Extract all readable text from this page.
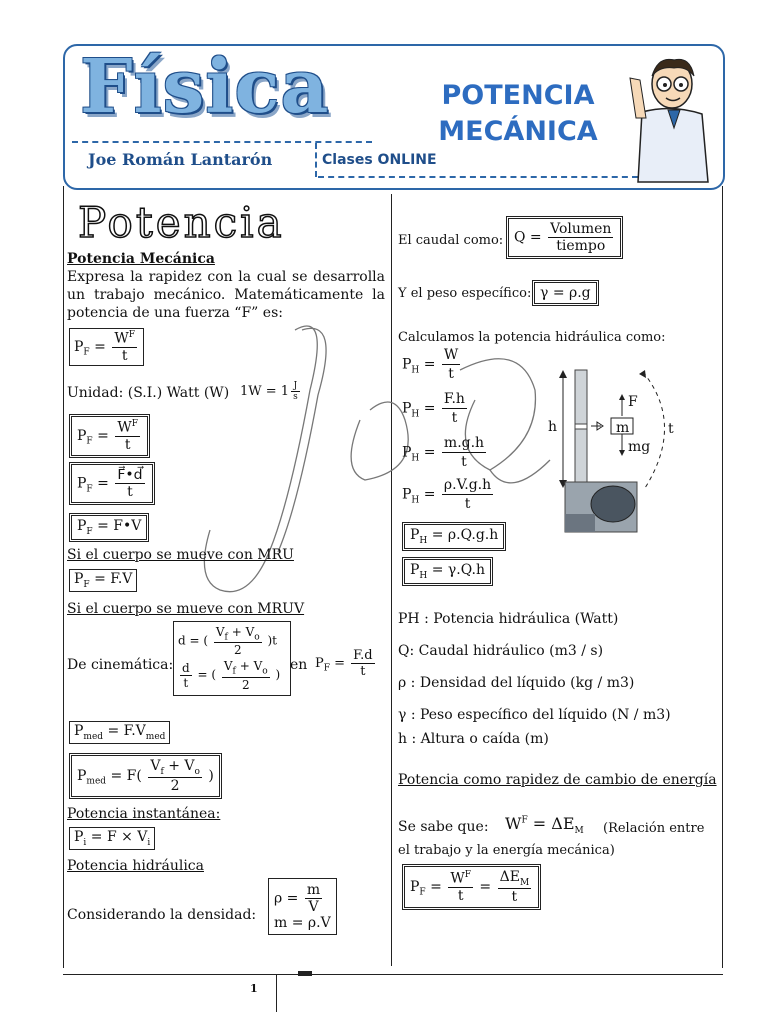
Física
Joe Román Lantarón	Clases ONLINE
POTENCIA
MECÁNICA
Potencia
Potencia Mecánica
Expresa la rapidez con la cual se desarrolla un trabajo mecánico. Matemáticamente la potencia de una fuerza “F” es:
$P_F = \frac{W^F}{t}$
Unidad: (S.I.) Watt (W) $1W = 1 \frac{J}{s}$
$P_F = \frac{W^F}{t}$
$P_F = \frac{F⃗•d⃗}{t}$
$P_F$ = F•V
Si el cuerpo se mueve con MRU
$P_F = F.V$
Si el cuerpo se mueve con MRUV
De cinemática:
d = ( $\frac{V_f + V_o}{2} )t$
$\frac{d}{t}$ = ( $\frac{V_f + V_o}{2}$ )
en $P_F = \frac{F.d}{t}$
$P_{med} = F.V_{med}$
$P_{med} = F( \frac{V_f + V_o}{2}$ )
Potencia instantánea:
$P_i = F \times V_i$
Potencia hidráulica
Considerando la densidad:
$\rho = \frac{m}{V}$
m = ρ.V
El caudal como: $Q = \frac{\text{Volumen}}{\text{tiempo}}$
Y el peso específico: γ = ρ.g
Calculamos la potencia hidráulica como:
$P_H = \frac{W}{t}$
$P_H = \frac{F.h}{t}$
$P_H = \frac{m.g.h}{t}$
$P_H = \frac{\rho.V.g.h}{t}$
$P_H = \rho.Q.g.h$
$P_H = \gamma.Q.h$
h
F
m
mg
t
PH : Potencia hidráulica (Watt)
Q: Caudal hidráulico (m3 / s)
ρ : Densidad del líquido (kg / m3)
γ : Peso específico del líquido (N / m3)
h : Altura o caída (m)
Potencia como rapidez de cambio de energía
Se sabe que: $W^F = \Delta E_M$	(Relación entre el trabajo y la energía mecánica)
$P_F = \frac{W^F}{t} = \frac{\Delta E_M}{t}$
1
